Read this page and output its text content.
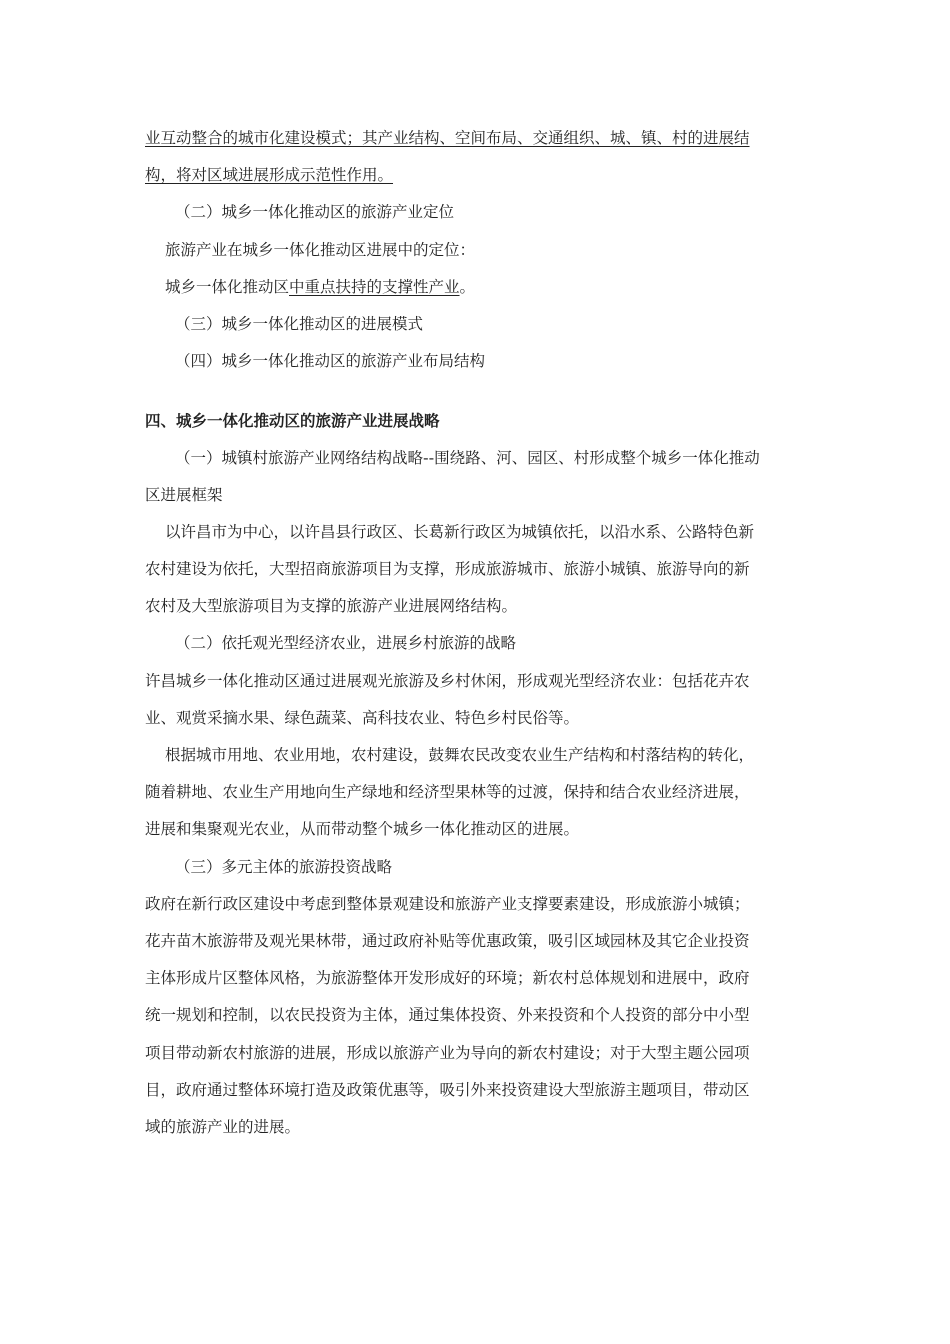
业互动整合的城市化建设模式；其产业结构、空间布局、交通组织、城、镇、村的进展结

构，将对区域进展形成示范性作用。

（二）城乡一体化推动区的旅游产业定位

旅游产业在城乡一体化推动区进展中的定位：

城乡一体化推动区中重点扶持的支撑性产业。

（三）城乡一体化推动区的进展模式

（四）城乡一体化推动区的旅游产业布局结构

四、城乡一体化推动区的旅游产业进展战略

（一）城镇村旅游产业网络结构战略--围绕路、河、园区、村形成整个城乡一体化推动

区进展框架

以许昌市为中心，以许昌县行政区、长葛新行政区为城镇依托，以沿水系、公路特色新

农村建设为依托，大型招商旅游项目为支撑，形成旅游城市、旅游小城镇、旅游导向的新

农村及大型旅游项目为支撑的旅游产业进展网络结构。

（二）依托观光型经济农业，进展乡村旅游的战略

许昌城乡一体化推动区通过进展观光旅游及乡村休闲，形成观光型经济农业：包括花卉农

业、观赏采摘水果、绿色蔬菜、高科技农业、特色乡村民俗等。

根据城市用地、农业用地，农村建设，鼓舞农民改变农业生产结构和村落结构的转化，

随着耕地、农业生产用地向生产绿地和经济型果林等的过渡，保持和结合农业经济进展，

进展和集聚观光农业，从而带动整个城乡一体化推动区的进展。

（三）多元主体的旅游投资战略

政府在新行政区建设中考虑到整体景观建设和旅游产业支撑要素建设，形成旅游小城镇；

花卉苗木旅游带及观光果林带，通过政府补贴等优惠政策，吸引区域园林及其它企业投资

主体形成片区整体风格，为旅游整体开发形成好的环境；新农村总体规划和进展中，政府

统一规划和控制，以农民投资为主体，通过集体投资、外来投资和个人投资的部分中小型

项目带动新农村旅游的进展，形成以旅游产业为导向的新农村建设；对于大型主题公园项

目，政府通过整体环境打造及政策优惠等，吸引外来投资建设大型旅游主题项目，带动区

域的旅游产业的进展。
